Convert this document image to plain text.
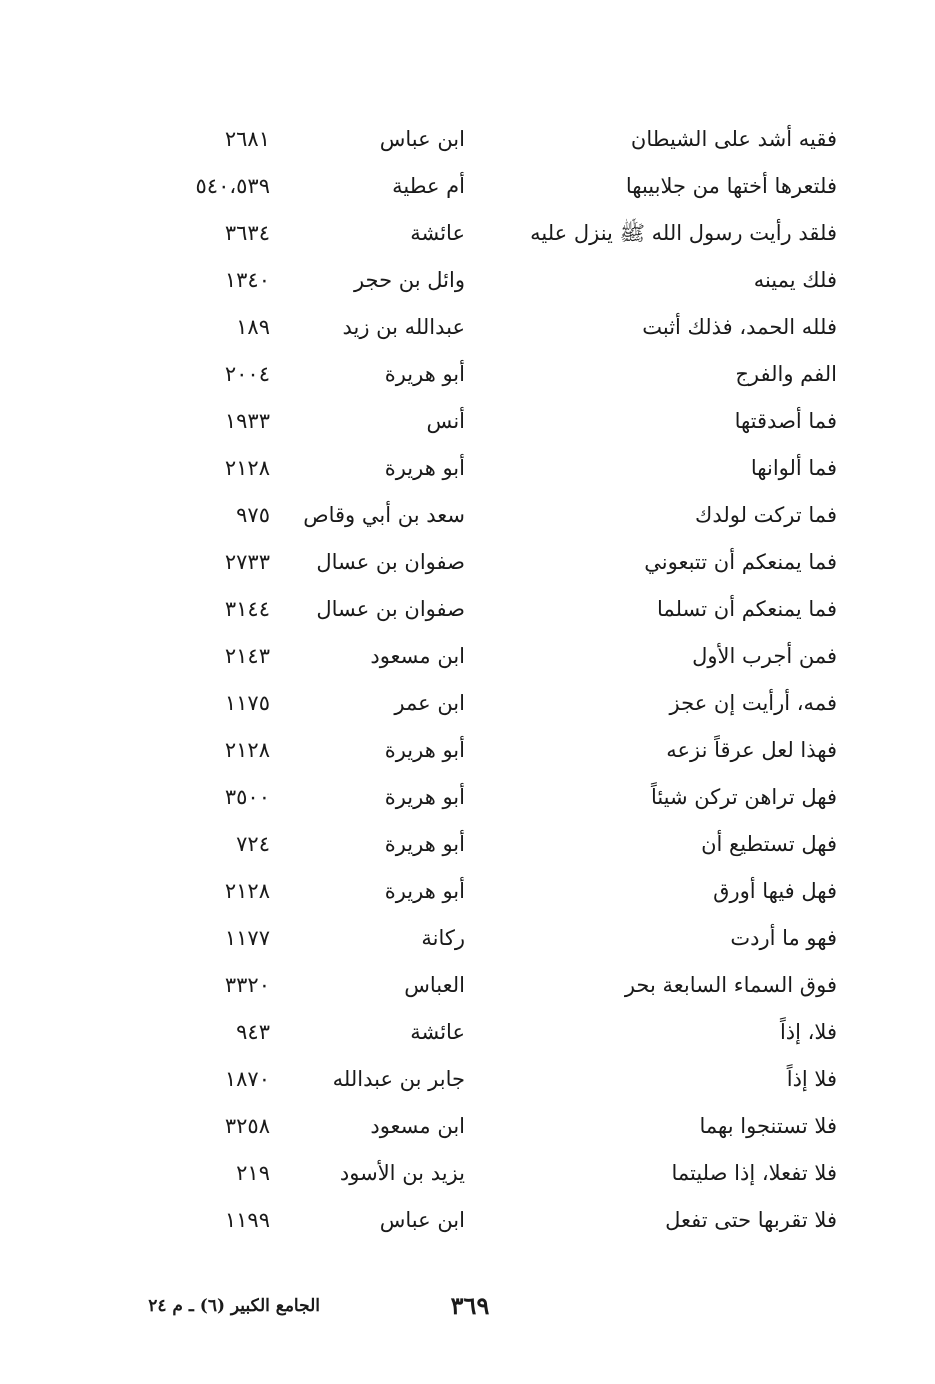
فقيه أشد على الشيطان
ابن عباس
٢٦٨١
فلتعرها أختها من جلابيبها
أم عطية
٥٤٠،٥٣٩
فلقد رأيت رسول الله ﷺ ينزل عليه
عائشة
٣٦٣٤
فلك يمينه
وائل بن حجر
١٣٤٠
فلله الحمد، فذلك أثبت
عبدالله بن زيد
١٨٩
الفم والفرج
أبو هريرة
٢٠٠٤
فما أصدقتها
أنس
١٩٣٣
فما ألوانها
أبو هريرة
٢١٢٨
فما تركت لولدك
سعد بن أبي وقاص
٩٧٥
فما يمنعكم أن تتبعوني
صفوان بن عسال
٢٧٣٣
فما يمنعكم أن تسلما
صفوان بن عسال
٣١٤٤
فمن أجرب الأول
ابن مسعود
٢١٤٣
فمه، أرأيت إن عجز
ابن عمر
١١٧٥
فهذا لعل عرقاً نزعه
أبو هريرة
٢١٢٨
فهل تراهن تركن شيئاً
أبو هريرة
٣٥٠٠
فهل تستطيع أن
أبو هريرة
٧٢٤
فهل فيها أورق
أبو هريرة
٢١٢٨
فهو ما أردت
ركانة
١١٧٧
فوق السماء السابعة بحر
العباس
٣٣٢٠
فلا، إذاً
عائشة
٩٤٣
فلا إذاً
جابر بن عبدالله
١٨٧٠
فلا تستنجوا بهما
ابن مسعود
٣٢٥٨
فلا تفعلا، إذا صليتما
يزيد بن الأسود
٢١٩
فلا تقربها حتى تفعل
ابن عباس
١١٩٩
٣٦٩
الجامع الكبير (٦) ـ م ٢٤
